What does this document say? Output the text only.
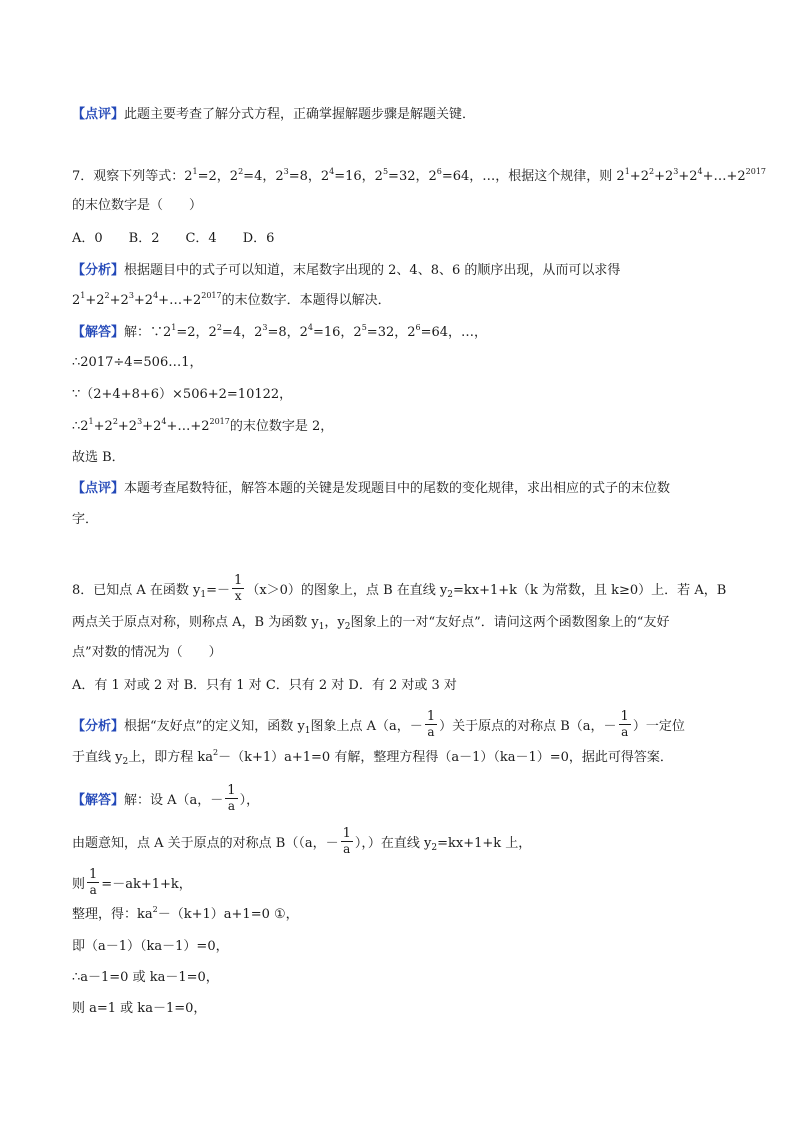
【点评】此题主要考查了解分式方程，正确掌握解题步骤是解题关键．
7．观察下列等式：$2^1=2$，$2^2=4$，$2^3=8$，$2^4=16$，$2^5=32$，$2^6=64$，…，根据这个规律，则 $2^1+2^2+2^3+2^4+\dots+2^{2017}$
的末位数字是（　　）
A．0　　B．2　　C．4　　D．6
【分析】根据题目中的式子可以知道，末尾数字出现的 2、4、8、6 的顺序出现，从而可以求得
$2^1+2^2+2^3+2^4+\dots+2^{2017}$的末位数字．本题得以解决．
【解答】解：$\because 2^1=2$，$2^2=4$，$2^3=8$，$2^4=16$，$2^5=32$，$2^6=64$，…，
∴2017÷4=506…1，
∵（2+4+8+6）×506+2=10122，
$\therefore 2^1+2^2+2^3+2^4+\dots+2^{2017}$的末位数字是 2，
故选 B．
【点评】本题考查尾数特征，解答本题的关键是发现题目中的尾数的变化规律，求出相应的式子的末位数
字．
8．已知点 A 在函数 $y_1=- \frac{1}{x} (x>0)$的图象上，点 B 在直线 $y_2=kx+1+k(k$ 为常数，且 k≥0）上．若 A，B
两点关于原点对称，则称点 A，B 为函数 $y_1$，$y_2$图象上的一对“友好点”．请问这两个函数图象上的“友好
点”对数的情况为（　　）
A．有 1 对或 2 对 B．只有 1 对 C．只有 2 对 D．有 2 对或 3 对
【分析】根据“友好点”的定义知，函数 $y_1$图象上点 A（a，－ $\frac{1}{a}$ ）关于原点的对称点 B（a，－ $\frac{1}{a}$ ）一定位
于直线 $y_2$上，即方程 $ka^2-(k+1)a+1=0$ 有解，整理方程得（a－1）（ka－1）=0，据此可得答案．
【解答】解：设 A（a，－ $\frac{1}{a}$ ），
由题意知，点 A 关于原点的对称点 B（（a，－ $\frac{1}{a}$ ），）在直线 $y_2=kx+1+k$ 上，
则 $\frac{1}{a} =-ak+1+k$，
整理，得：$ka^2-(k+1)a+1=0$ ①，
即（a－1）（ka－1）=0，
∴a－1=0 或 ka－1=0，
则 a=1 或 ka－1=0，
